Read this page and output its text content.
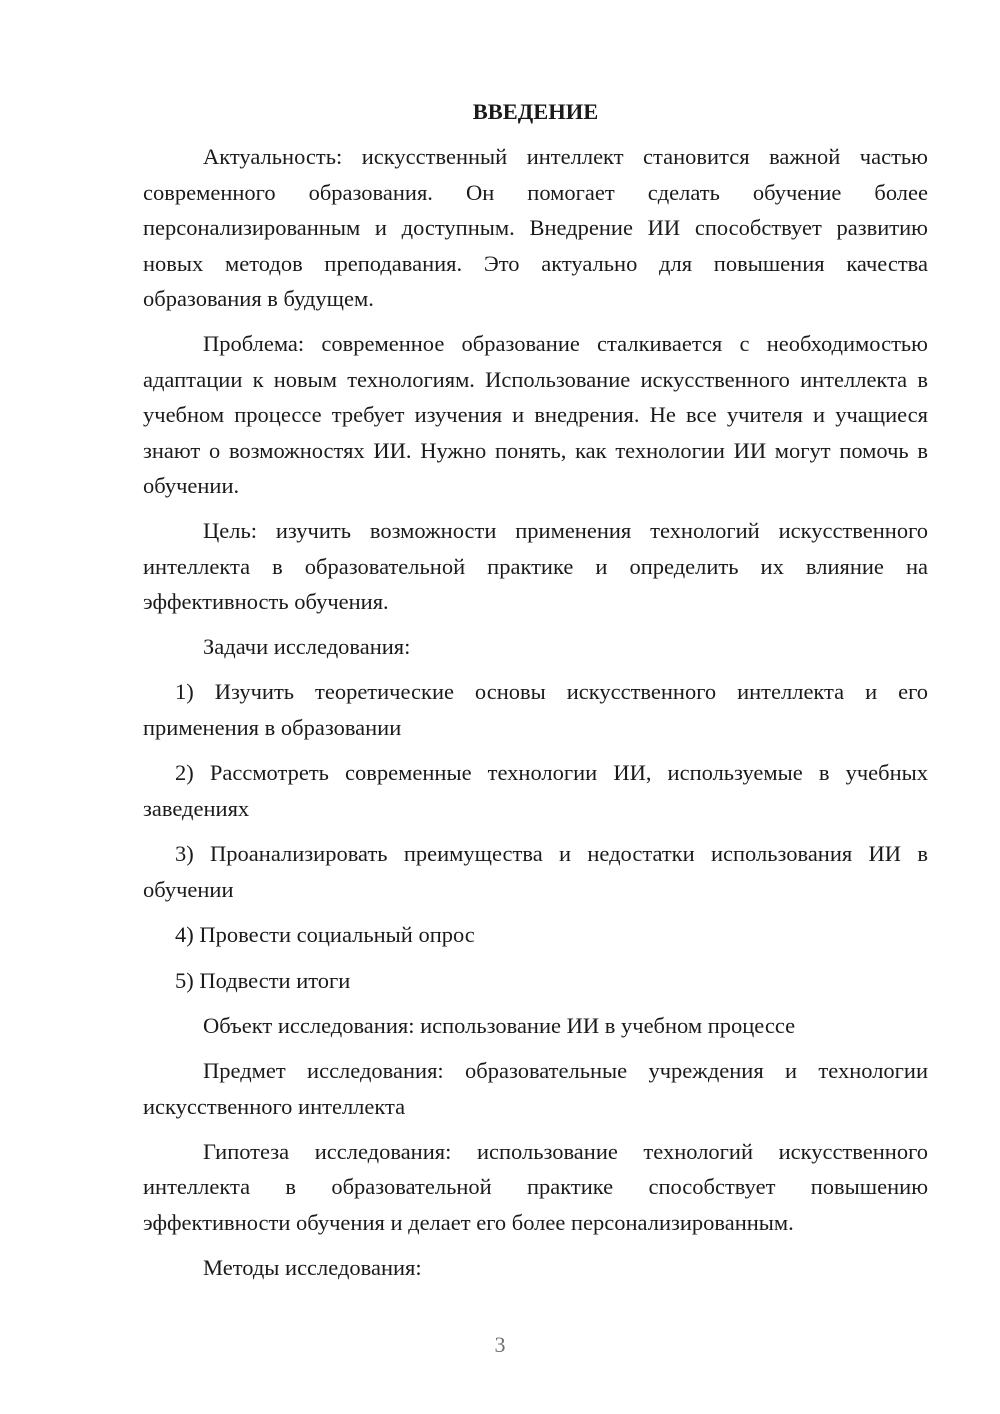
ВВЕДЕНИЕ

Актуальность: искусственный интеллект становится важной частью современного образования. Он помогает сделать обучение более персонализированным и доступным. Внедрение ИИ способствует развитию новых методов преподавания. Это актуально для повышения качества образования в будущем.

Проблема: современное образование сталкивается с необходимостью адаптации к новым технологиям. Использование искусственного интеллекта в учебном процессе требует изучения и внедрения. Не все учителя и учащиеся знают о возможностях ИИ. Нужно понять, как технологии ИИ могут помочь в обучении.

Цель: изучить возможности применения технологий искусственного интеллекта в образовательной практике и определить их влияние на эффективность обучения.

Задачи исследования:

1) Изучить теоретические основы искусственного интеллекта и его применения в образовании

2) Рассмотреть современные технологии ИИ, используемые в учебных заведениях

3) Проанализировать преимущества и недостатки использования ИИ в обучении

4) Провести социальный опрос

5) Подвести итоги

Объект исследования: использование ИИ в учебном процессе

Предмет исследования: образовательные учреждения и технологии искусственного интеллекта

Гипотеза исследования: использование технологий искусственного интеллекта в образовательной практике способствует повышению эффективности обучения и делает его более персонализированным.

Методы исследования:

3
